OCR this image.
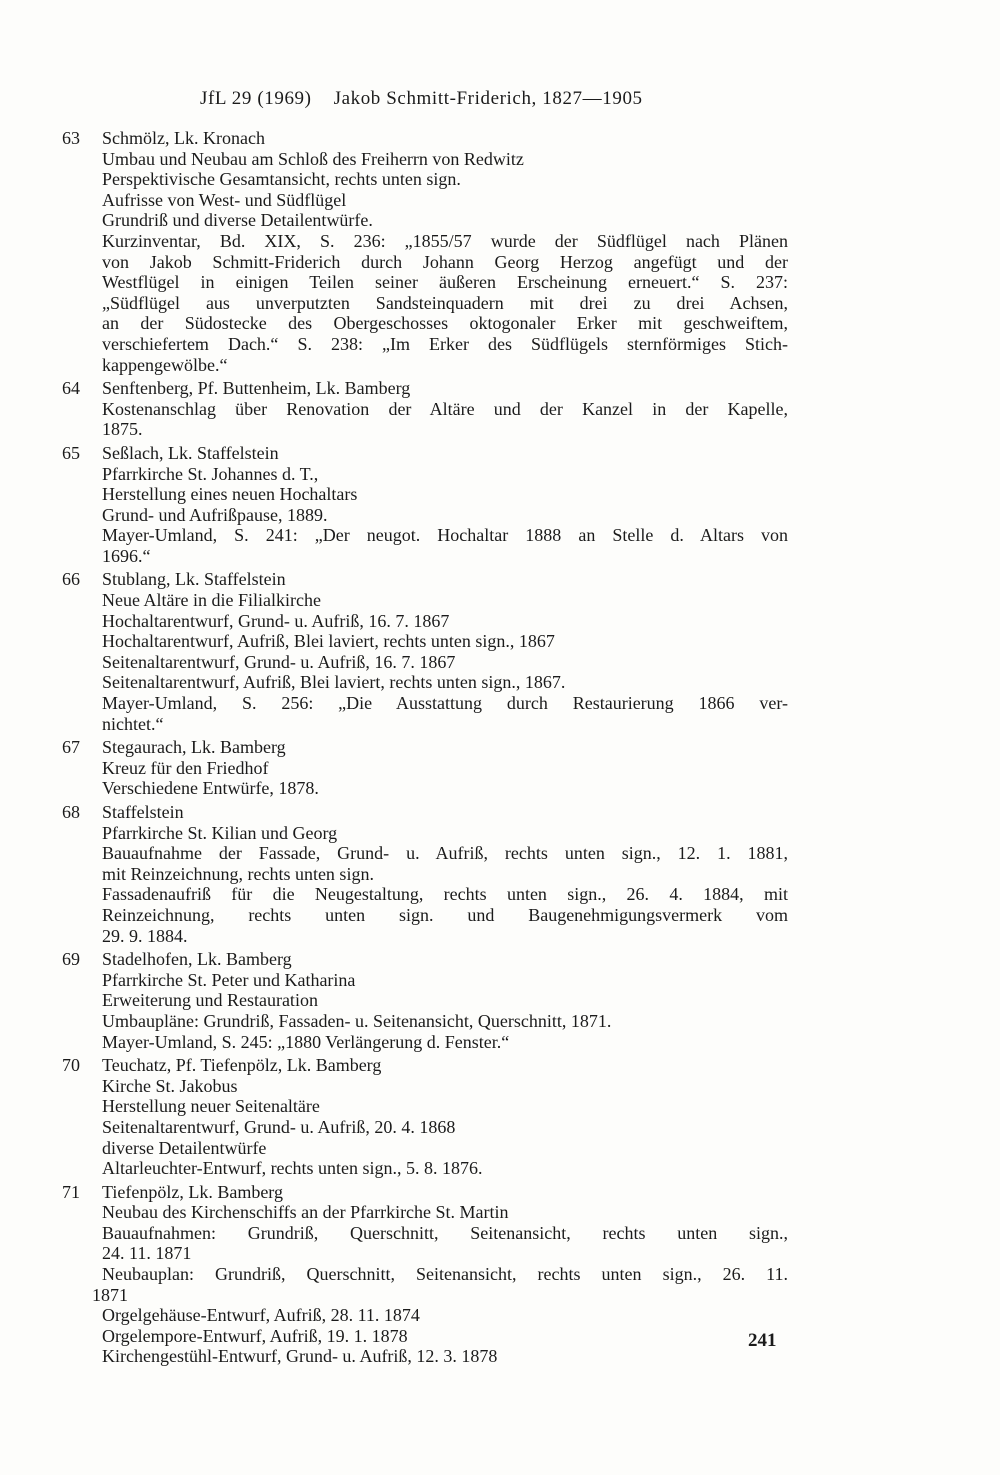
JfL 29 (1969) Jakob Schmitt-Friderich, 1827—1905
63 Schmölz, Lk. Kronach
Umbau und Neubau am Schloß des Freiherrn von Redwitz
Perspektivische Gesamtansicht, rechts unten sign.
Aufrisse von West- und Südflügel
Grundriß und diverse Detailentwürfe.
Kurzinventar, Bd. XIX, S. 236: „1855/57 wurde der Südflügel nach Plänen
von Jakob Schmitt-Friderich durch Johann Georg Herzog angefügt und der
Westflügel in einigen Teilen seiner äußeren Erscheinung erneuert.“ S. 237:
„Südflügel aus unverputzten Sandsteinquadern mit drei zu drei Achsen,
an der Südostecke des Obergeschosses oktogonaler Erker mit geschweiftem,
verschiefertem Dach.“ S. 238: „Im Erker des Südflügels sternförmiges Stich-
kappengewölbe.“
64 Senftenberg, Pf. Buttenheim, Lk. Bamberg
Kostenanschlag über Renovation der Altäre und der Kanzel in der Kapelle,
1875.
65 Seßlach, Lk. Staffelstein
Pfarrkirche St. Johannes d. T.,
Herstellung eines neuen Hochaltars
Grund- und Aufrißpause, 1889.
Mayer-Umland, S. 241: „Der neugot. Hochaltar 1888 an Stelle d. Altars von
1696.“
66 Stublang, Lk. Staffelstein
Neue Altäre in die Filialkirche
Hochaltarentwurf, Grund- u. Aufriß, 16. 7. 1867
Hochaltarentwurf, Aufriß, Blei laviert, rechts unten sign., 1867
Seitenaltarentwurf, Grund- u. Aufriß, 16. 7. 1867
Seitenaltarentwurf, Aufriß, Blei laviert, rechts unten sign., 1867.
Mayer-Umland, S. 256: „Die Ausstattung durch Restaurierung 1866 ver-
nichtet.“
67 Stegaurach, Lk. Bamberg
Kreuz für den Friedhof
Verschiedene Entwürfe, 1878.
68 Staffelstein
Pfarrkirche St. Kilian und Georg
Bauaufnahme der Fassade, Grund- u. Aufriß, rechts unten sign., 12. 1. 1881,
mit Reinzeichnung, rechts unten sign.
Fassadenaufriß für die Neugestaltung, rechts unten sign., 26. 4. 1884, mit
Reinzeichnung, rechts unten sign. und Baugenehmigungsvermerk vom
29. 9. 1884.
69 Stadelhofen, Lk. Bamberg
Pfarrkirche St. Peter und Katharina
Erweiterung und Restauration
Umbaupläne: Grundriß, Fassaden- u. Seitenansicht, Querschnitt, 1871.
Mayer-Umland, S. 245: „1880 Verlängerung d. Fenster.“
70 Teuchatz, Pf. Tiefenpölz, Lk. Bamberg
Kirche St. Jakobus
Herstellung neuer Seitenaltäre
Seitenaltarentwurf, Grund- u. Aufriß, 20. 4. 1868
diverse Detailentwürfe
Altarleuchter-Entwurf, rechts unten sign., 5. 8. 1876.
71 Tiefenpölz, Lk. Bamberg
Neubau des Kirchenschiffs an der Pfarrkirche St. Martin
Bauaufnahmen: Grundriß, Querschnitt, Seitenansicht, rechts unten sign.,
24. 11. 1871
Neubauplan: Grundriß, Querschnitt, Seitenansicht, rechts unten sign., 26. 11.
1871
Orgelgehäuse-Entwurf, Aufriß, 28. 11. 1874
Orgelempore-Entwurf, Aufriß, 19. 1. 1878
Kirchengestühl-Entwurf, Grund- u. Aufriß, 12. 3. 1878
241
